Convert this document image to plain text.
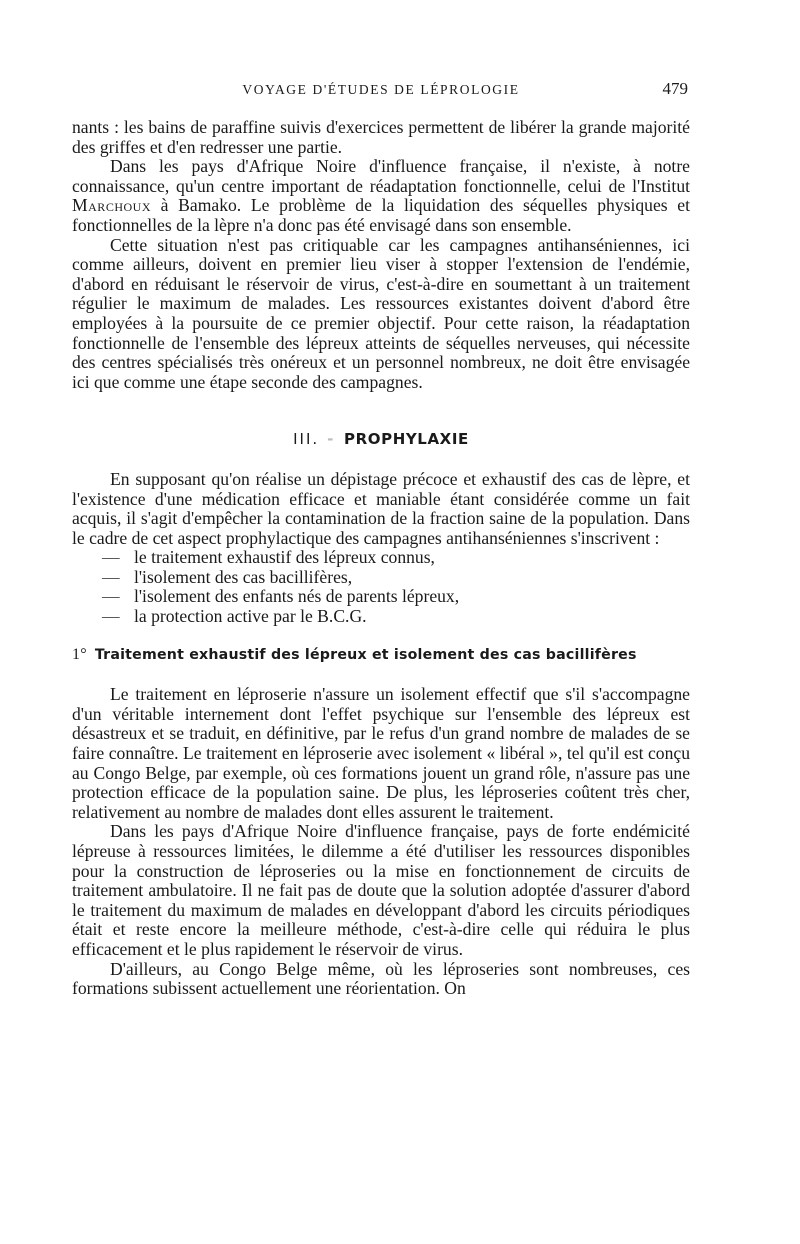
VOYAGE D'ÉTUDES DE LÉPROLOGIE	479

nants : les bains de paraffine suivis d'exercices permettent de libérer la grande majorité des griffes et d'en redresser une partie.

Dans les pays d'Afrique Noire d'influence française, il n'existe, à notre connaissance, qu'un centre important de réadaptation fonctionnelle, celui de l'Institut Marchoux à Bamako. Le problème de la liquidation des séquelles physiques et fonctionnelles de la lèpre n'a donc pas été envisagé dans son ensemble.

Cette situation n'est pas critiquable car les campagnes antihanséniennes, ici comme ailleurs, doivent en premier lieu viser à stopper l'extension de l'endémie, d'abord en réduisant le réservoir de virus, c'est-à-dire en soumettant à un traitement régulier le maximum de malades. Les ressources existantes doivent d'abord être employées à la poursuite de ce premier objectif. Pour cette raison, la réadaptation fonctionnelle de l'ensemble des lépreux atteints de séquelles nerveuses, qui nécessite des centres spécialisés très onéreux et un personnel nombreux, ne doit être envisagée ici que comme une étape seconde des campagnes.

III. - PROPHYLAXIE

En supposant qu'on réalise un dépistage précoce et exhaustif des cas de lèpre, et l'existence d'une médication efficace et maniable étant considérée comme un fait acquis, il s'agit d'empêcher la contamination de la fraction saine de la population. Dans le cadre de cet aspect prophylactique des campagnes antihanséniennes s'inscrivent :

— le traitement exhaustif des lépreux connus,
— l'isolement des cas bacillifères,
— l'isolement des enfants nés de parents lépreux,
— la protection active par le B.C.G.
1° Traitement exhaustif des lépreux et isolement des cas bacillifères

Le traitement en léproserie n'assure un isolement effectif que s'il s'accompagne d'un véritable internement dont l'effet psychique sur l'ensemble des lépreux est désastreux et se traduit, en définitive, par le refus d'un grand nombre de malades de se faire connaître. Le traitement en léproserie avec isolement « libéral », tel qu'il est conçu au Congo Belge, par exemple, où ces formations jouent un grand rôle, n'assure pas une protection efficace de la population saine. De plus, les léproseries coûtent très cher, relativement au nombre de malades dont elles assurent le traitement.

Dans les pays d'Afrique Noire d'influence française, pays de forte endémicité lépreuse à ressources limitées, le dilemme a été d'utiliser les ressources disponibles pour la construction de léproseries ou la mise en fonctionnement de circuits de traitement ambulatoire. Il ne fait pas de doute que la solution adoptée d'assurer d'abord le traitement du maximum de malades en développant d'abord les circuits périodiques était et reste encore la meilleure méthode, c'est-à-dire celle qui réduira le plus efficacement et le plus rapidement le réservoir de virus.

D'ailleurs, au Congo Belge même, où les léproseries sont nombreuses, ces formations subissent actuellement une réorientation. On
